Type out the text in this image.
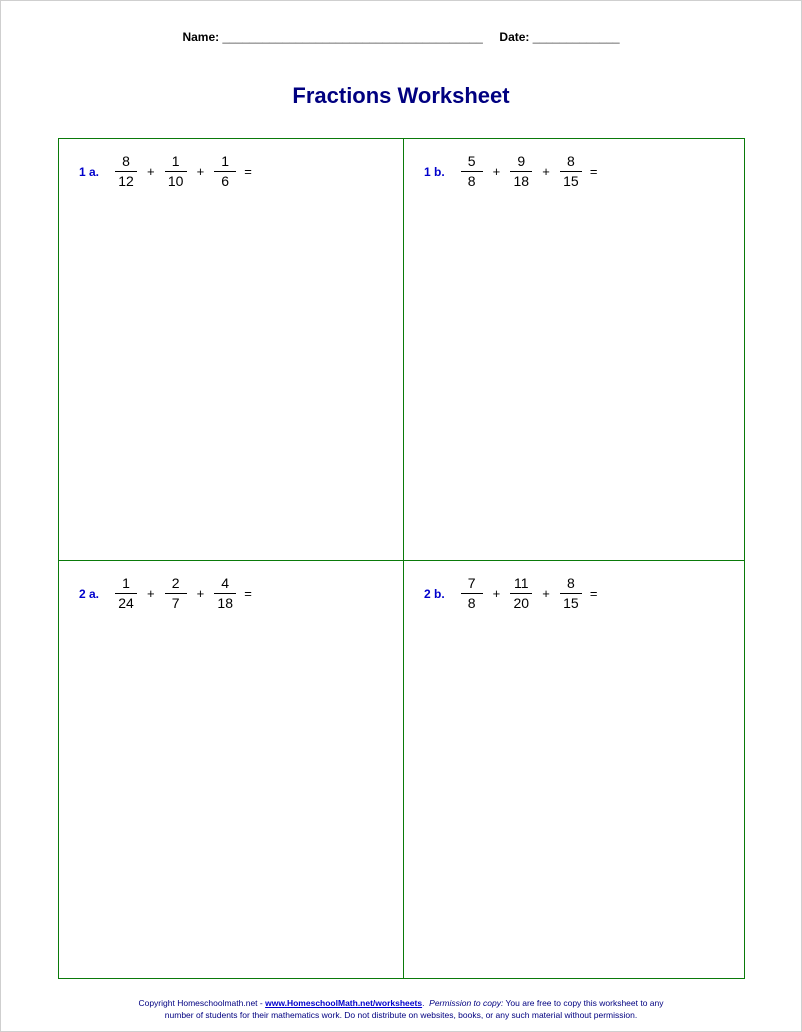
Name: _______________________________________ Date: _____________
Fractions Worksheet
1 a. $\frac{8}{12} + \frac{1}{10} + \frac{1}{6}$ =	1 b. $\frac{5}{8} + \frac{9}{18} + \frac{8}{15}$ =
2 a. $\frac{1}{24} + \frac{2}{7} + \frac{4}{18}$ =	2 b. $\frac{7}{8} + \frac{11}{20} + \frac{8}{15}$ =
Copyright Homeschoolmath.net - www.HomeschoolMath.net/worksheets.  Permission to copy: You are free to copy this worksheet to any
number of students for their mathematics work. Do not distribute on websites, books, or any such material without permission.
